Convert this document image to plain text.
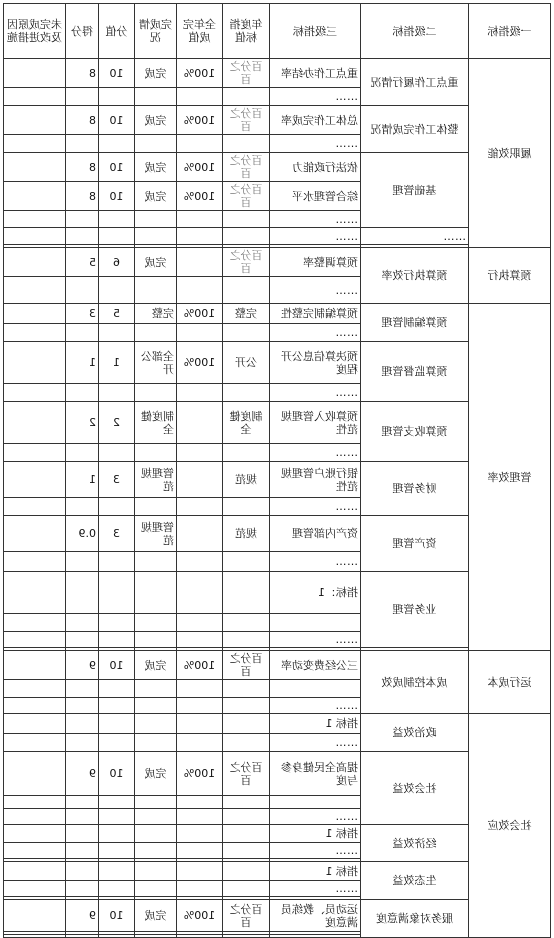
一级指标	二级指标	三级指标	年度指标值	全年完成值	完成情况	分值	得分	未完成原因及改进措施
履职效能	重点工作履行情况	重点工作办结率	百分之百	100%	完成	10	8	
		……						
	整体工作完成情况	总体工作完成率	百分之百	100%	完成	10	8	
		……						
	基础管理	依法行政能力	百分之百	100%	完成	10	8	
		综合管理水平	百分之百	100%	完成	10	8	
		……						
	……	……						

预算执行	预算执行效率	预算调整率	百分之百		完成	6	5	
		……						
管理效率	预算编制管理	预算编制完整性	完整	100%	完整	5	3	
		……						
	预算监督管理	预决算信息公开程度	公开	100%	全部公开	1	1	
		……						
	预算收支管理	预算收入管理规范性	制度健全		制度健全	2	2	
		……						
	财务管理	银行账户管理规范性	规范		管理规范	3	1	
		……						
	资产管理	资产内部管理	规范		管理规范	3	0.9	
		……						
	业务管理	指标：1						

		……						

运行成本	成本控制成效	三公经费变动率	百分之百	100%	完成	10	9	

		……						
社会效应	政治效益	指标 1						
		……						
	社会效益	提高全民健身参与度	百分之百	100%	完成	10	9	

		……						
	经济效益	指标 1						
		……						

	生态效益	指标 1						
		……						

	服务对象满意度	运动员、教练员满意度	百分之百	100%	完成	10	9	
